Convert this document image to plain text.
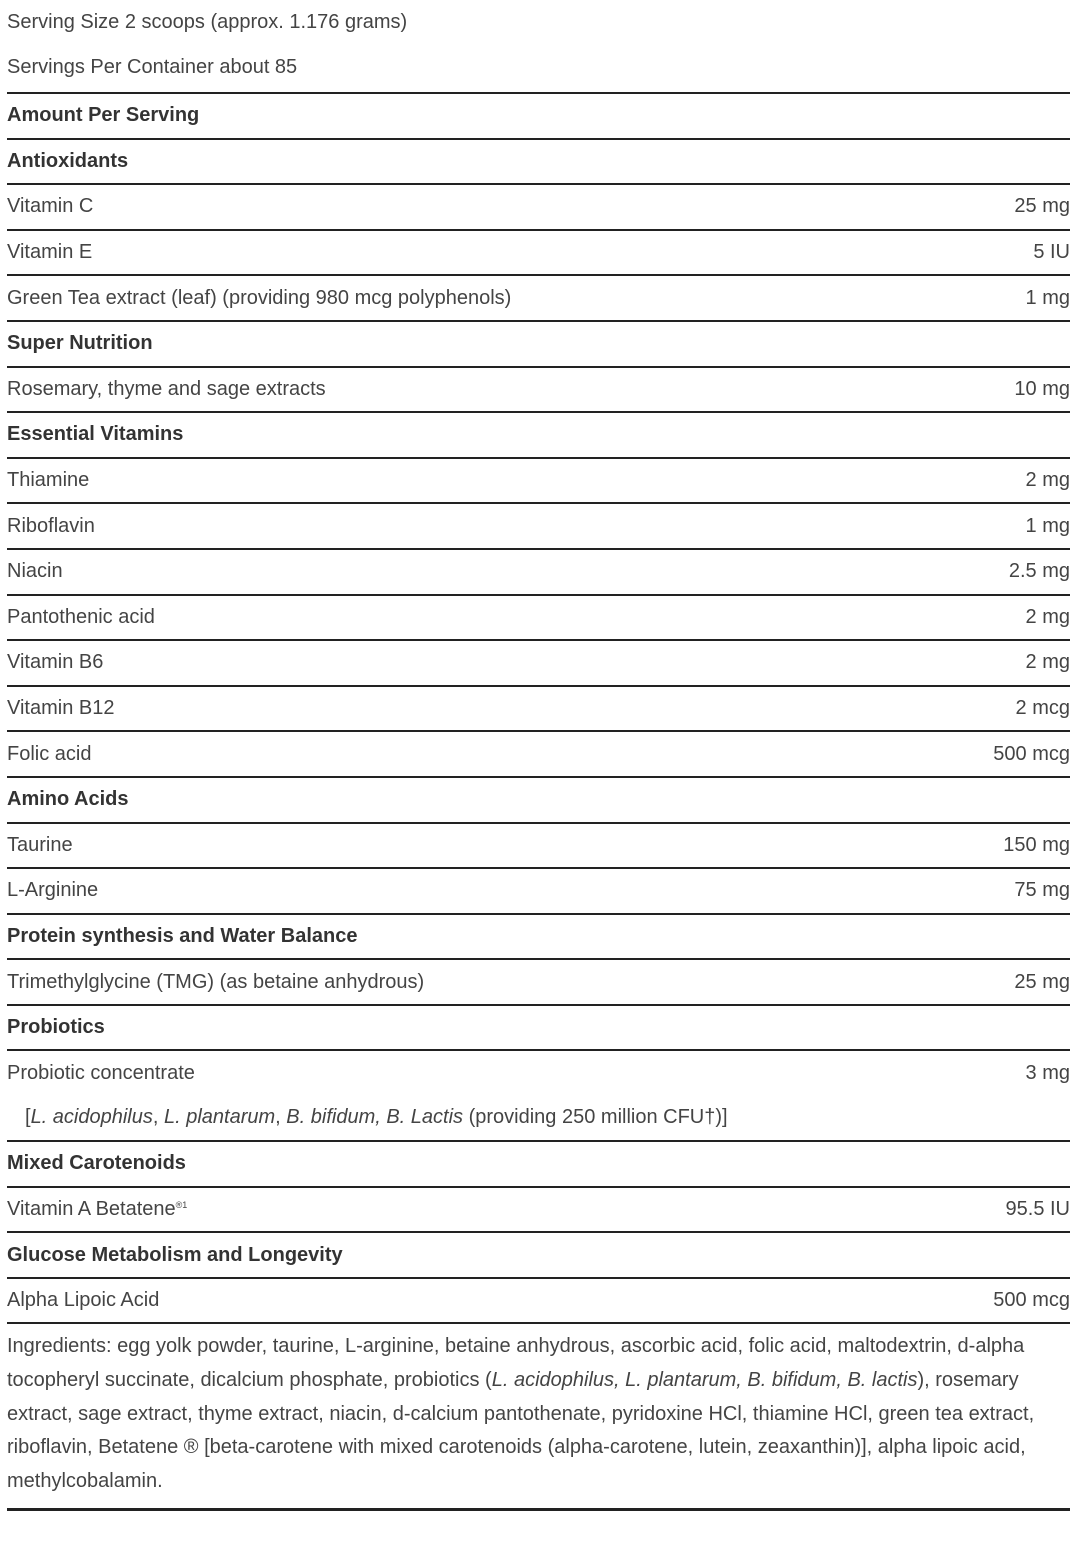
Serving Size 2 scoops (approx. 1.176 grams)
Servings Per Container about 85
Amount Per Serving
Antioxidants
Vitamin C	25 mg
Vitamin E	5 IU
Green Tea extract (leaf) (providing 980 mcg polyphenols)	1 mg
Super Nutrition
Rosemary, thyme and sage extracts	10 mg
Essential Vitamins
Thiamine	2 mg
Riboflavin	1 mg
Niacin	2.5 mg
Pantothenic acid	2 mg
Vitamin B6	2 mg
Vitamin B12	2 mcg
Folic acid	500 mcg
Amino Acids
Taurine	150 mg
L-Arginine	75 mg
Protein synthesis and Water Balance
Trimethylglycine (TMG) (as betaine anhydrous)	25 mg
Probiotics
Probiotic concentrate	3 mg
[L. acidophilus, L. plantarum, B. bifidum, B. Lactis (providing 250 million CFU†)]
Mixed Carotenoids
Vitamin A Betatene$^{®1}$	95.5 IU
Glucose Metabolism and Longevity
Alpha Lipoic Acid	500 mcg
Ingredients: egg yolk powder, taurine, L-arginine, betaine anhydrous, ascorbic acid, folic acid, maltodextrin, d-alpha tocopheryl succinate, dicalcium phosphate, probiotics (L. acidophilus, L. plantarum, B. bifidum, B. lactis), rosemary extract, sage extract, thyme extract, niacin, d-calcium pantothenate, pyridoxine HCl, thiamine HCl, green tea extract, riboflavin, Betatene ® [beta-carotene with mixed carotenoids (alpha-carotene, lutein, zeaxanthin)], alpha lipoic acid, methylcobalamin.
